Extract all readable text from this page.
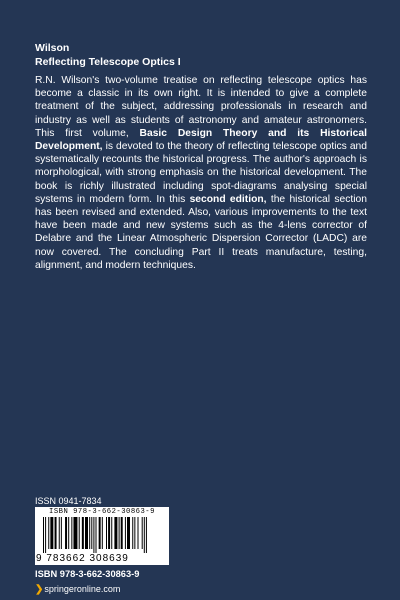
Wilson

Reflecting Telescope Optics I

R.N. Wilson's two-volume treatise on reflecting telescope optics has become a classic in its own right. It is intended to give a complete treatment of the subject, addressing professionals in research and industry as well as students of astronomy and amateur astronomers. This first volume, Basic Design Theory and its Historical Development, is devoted to the theory of reflecting telescope optics and systematically recounts the historical progress. The author's approach is morphological, with strong emphasis on the historical development. The book is richly illustrated including spot-diagrams analysing special systems in modern form. In this second edition, the historical section has been revised and extended. Also, various improvements to the text have been made and new systems such as the 4-lens corrector of Delabre and the Linear Atmospheric Dispersion Corrector (LADC) are now covered. The concluding Part II treats manufacture, testing, alignment, and modern techniques.

ISSN 0941-7834
ISBN 978-3-662-30863-9
9 783662 308639
ISBN 978-3-662-30863-9
❯springeronline.com
